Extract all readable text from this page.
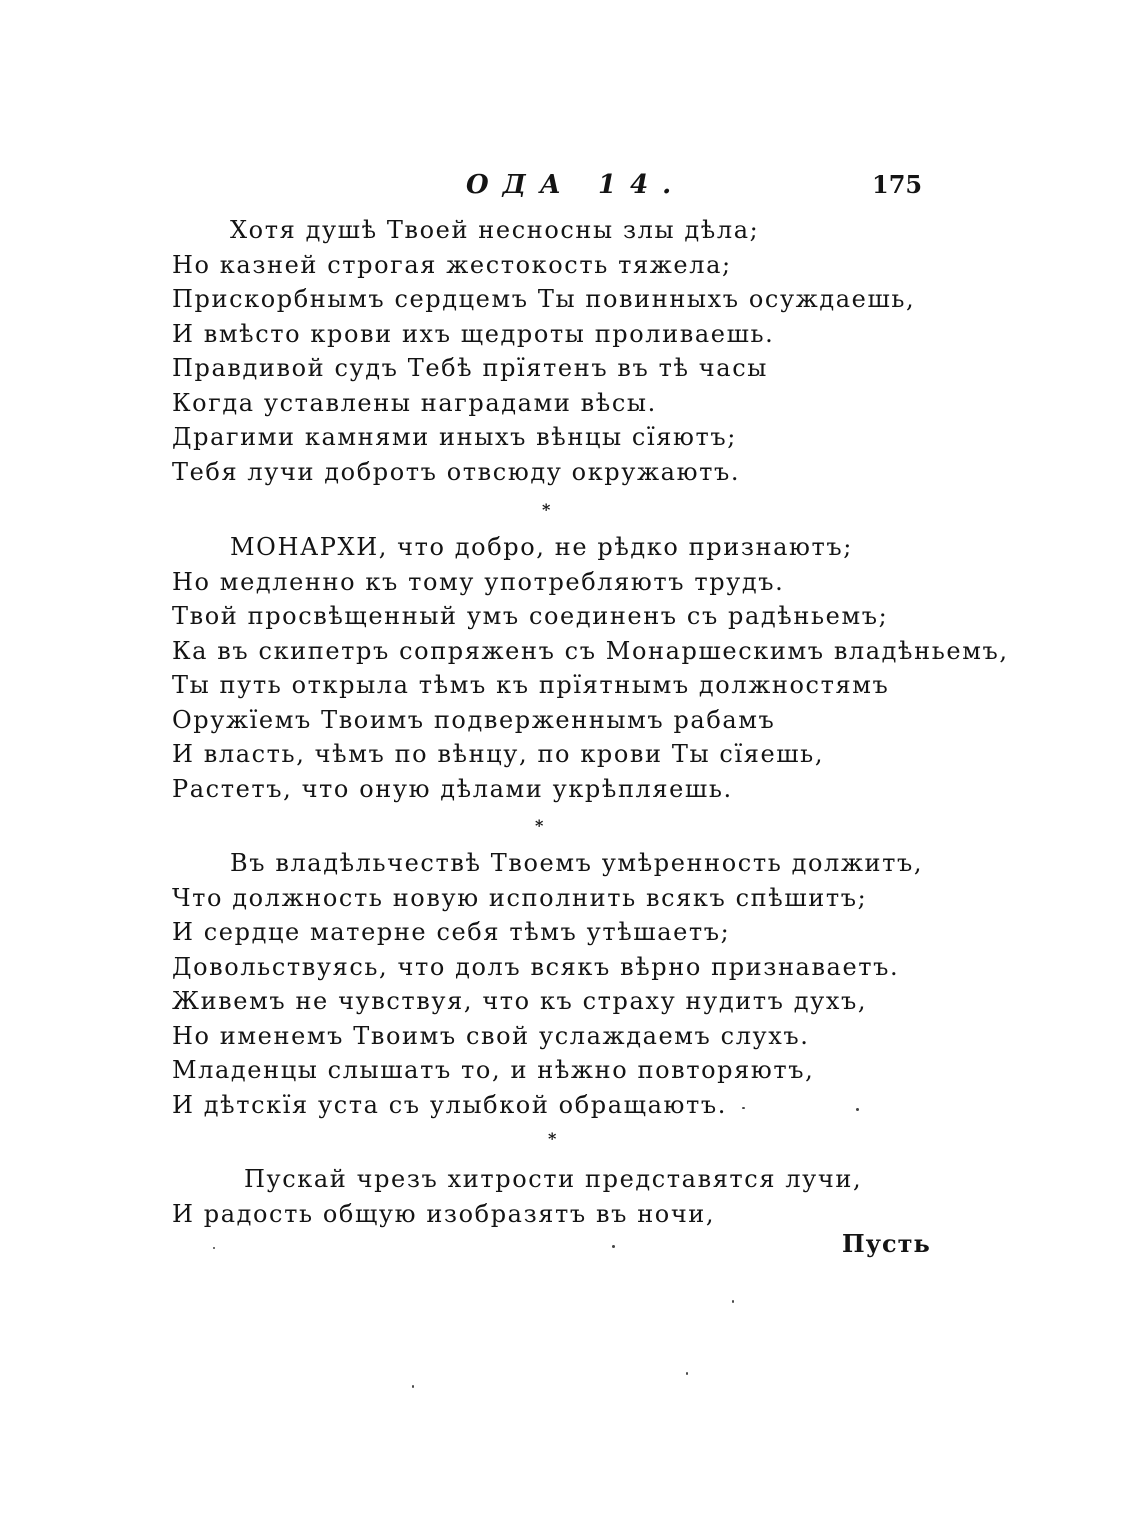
ОДА 14.	175
Хотя душѣ Твоей несносны злы дѣла;
Но казней строгая жестокость тяжела;
Прискорбнымъ сердцемъ Ты повинныхъ осуждаешь,
И вмѣсто крови ихъ щедроты проливаешь.
Правдивой судъ Тебѣ прїятенъ въ тѣ часы
Когда уставлены наградами вѣсы.
Драгими камнями иныхъ вѣнцы сїяютъ;
Тебя лучи добротъ отвсюду окружаютъ.
*
МОНАРХИ, что добро, не рѣдко признаютъ;
Но медленно къ тому употребляютъ трудъ.
Твой просвѣщенный умъ соединенъ съ радѣньемъ;
Ка въ скипетръ сопряженъ съ Монаршескимъ владѣньемъ,
Ты путь открыла тѣмъ къ прїятнымъ должностямъ
Оружїемъ Твоимъ подверженнымъ рабамъ
И власть, чѣмъ по вѣнцу, по крови Ты сїяешь,
Растетъ, что оную дѣлами укрѣпляешь.
*
Въ владѣльчествѣ Твоемъ умѣренность должитъ,
Что должность новую исполнить всякъ спѣшитъ;
И сердце матерне себя тѣмъ утѣшаетъ;
Довольствуясь, что долъ всякъ вѣрно признаваетъ.
Живемъ не чувствуя, что къ страху нудитъ духъ,
Но именемъ Твоимъ свой услаждаемъ слухъ.
Младенцы слышатъ то, и нѣжно повторяютъ,
И дѣтскїя уста съ улыбкой обращаютъ.
*
Пускай чрезъ хитрости представятся лучи,
И радость общую изобразятъ въ ночи,
Пусть
